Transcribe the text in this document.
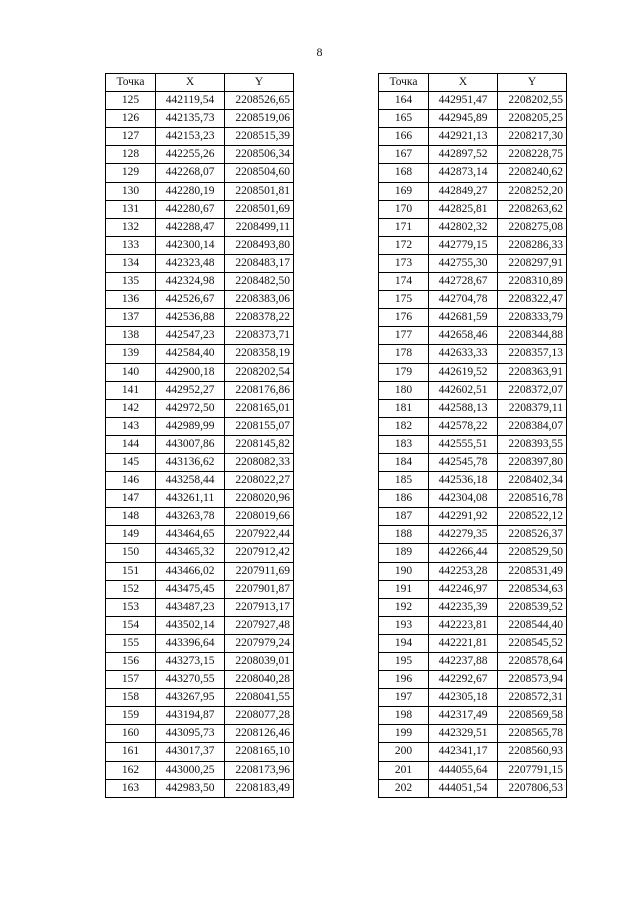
8
Точка	X	Y
125	442119,54	2208526,65
126	442135,73	2208519,06
127	442153,23	2208515,39
128	442255,26	2208506,34
129	442268,07	2208504,60
130	442280,19	2208501,81
131	442280,67	2208501,69
132	442288,47	2208499,11
133	442300,14	2208493,80
134	442323,48	2208483,17
135	442324,98	2208482,50
136	442526,67	2208383,06
137	442536,88	2208378,22
138	442547,23	2208373,71
139	442584,40	2208358,19
140	442900,18	2208202,54
141	442952,27	2208176,86
142	442972,50	2208165,01
143	442989,99	2208155,07
144	443007,86	2208145,82
145	443136,62	2208082,33
146	443258,44	2208022,27
147	443261,11	2208020,96
148	443263,78	2208019,66
149	443464,65	2207922,44
150	443465,32	2207912,42
151	443466,02	2207911,69
152	443475,45	2207901,87
153	443487,23	2207913,17
154	443502,14	2207927,48
155	443396,64	2207979,24
156	443273,15	2208039,01
157	443270,55	2208040,28
158	443267,95	2208041,55
159	443194,87	2208077,28
160	443095,73	2208126,46
161	443017,37	2208165,10
162	443000,25	2208173,96
163	442983,50	2208183,49
Точка	X	Y
164	442951,47	2208202,55
165	442945,89	2208205,25
166	442921,13	2208217,30
167	442897,52	2208228,75
168	442873,14	2208240,62
169	442849,27	2208252,20
170	442825,81	2208263,62
171	442802,32	2208275,08
172	442779,15	2208286,33
173	442755,30	2208297,91
174	442728,67	2208310,89
175	442704,78	2208322,47
176	442681,59	2208333,79
177	442658,46	2208344,88
178	442633,33	2208357,13
179	442619,52	2208363,91
180	442602,51	2208372,07
181	442588,13	2208379,11
182	442578,22	2208384,07
183	442555,51	2208393,55
184	442545,78	2208397,80
185	442536,18	2208402,34
186	442304,08	2208516,78
187	442291,92	2208522,12
188	442279,35	2208526,37
189	442266,44	2208529,50
190	442253,28	2208531,49
191	442246,97	2208534,63
192	442235,39	2208539,52
193	442223,81	2208544,40
194	442221,81	2208545,52
195	442237,88	2208578,64
196	442292,67	2208573,94
197	442305,18	2208572,31
198	442317,49	2208569,58
199	442329,51	2208565,78
200	442341,17	2208560,93
201	444055,64	2207791,15
202	444051,54	2207806,53
